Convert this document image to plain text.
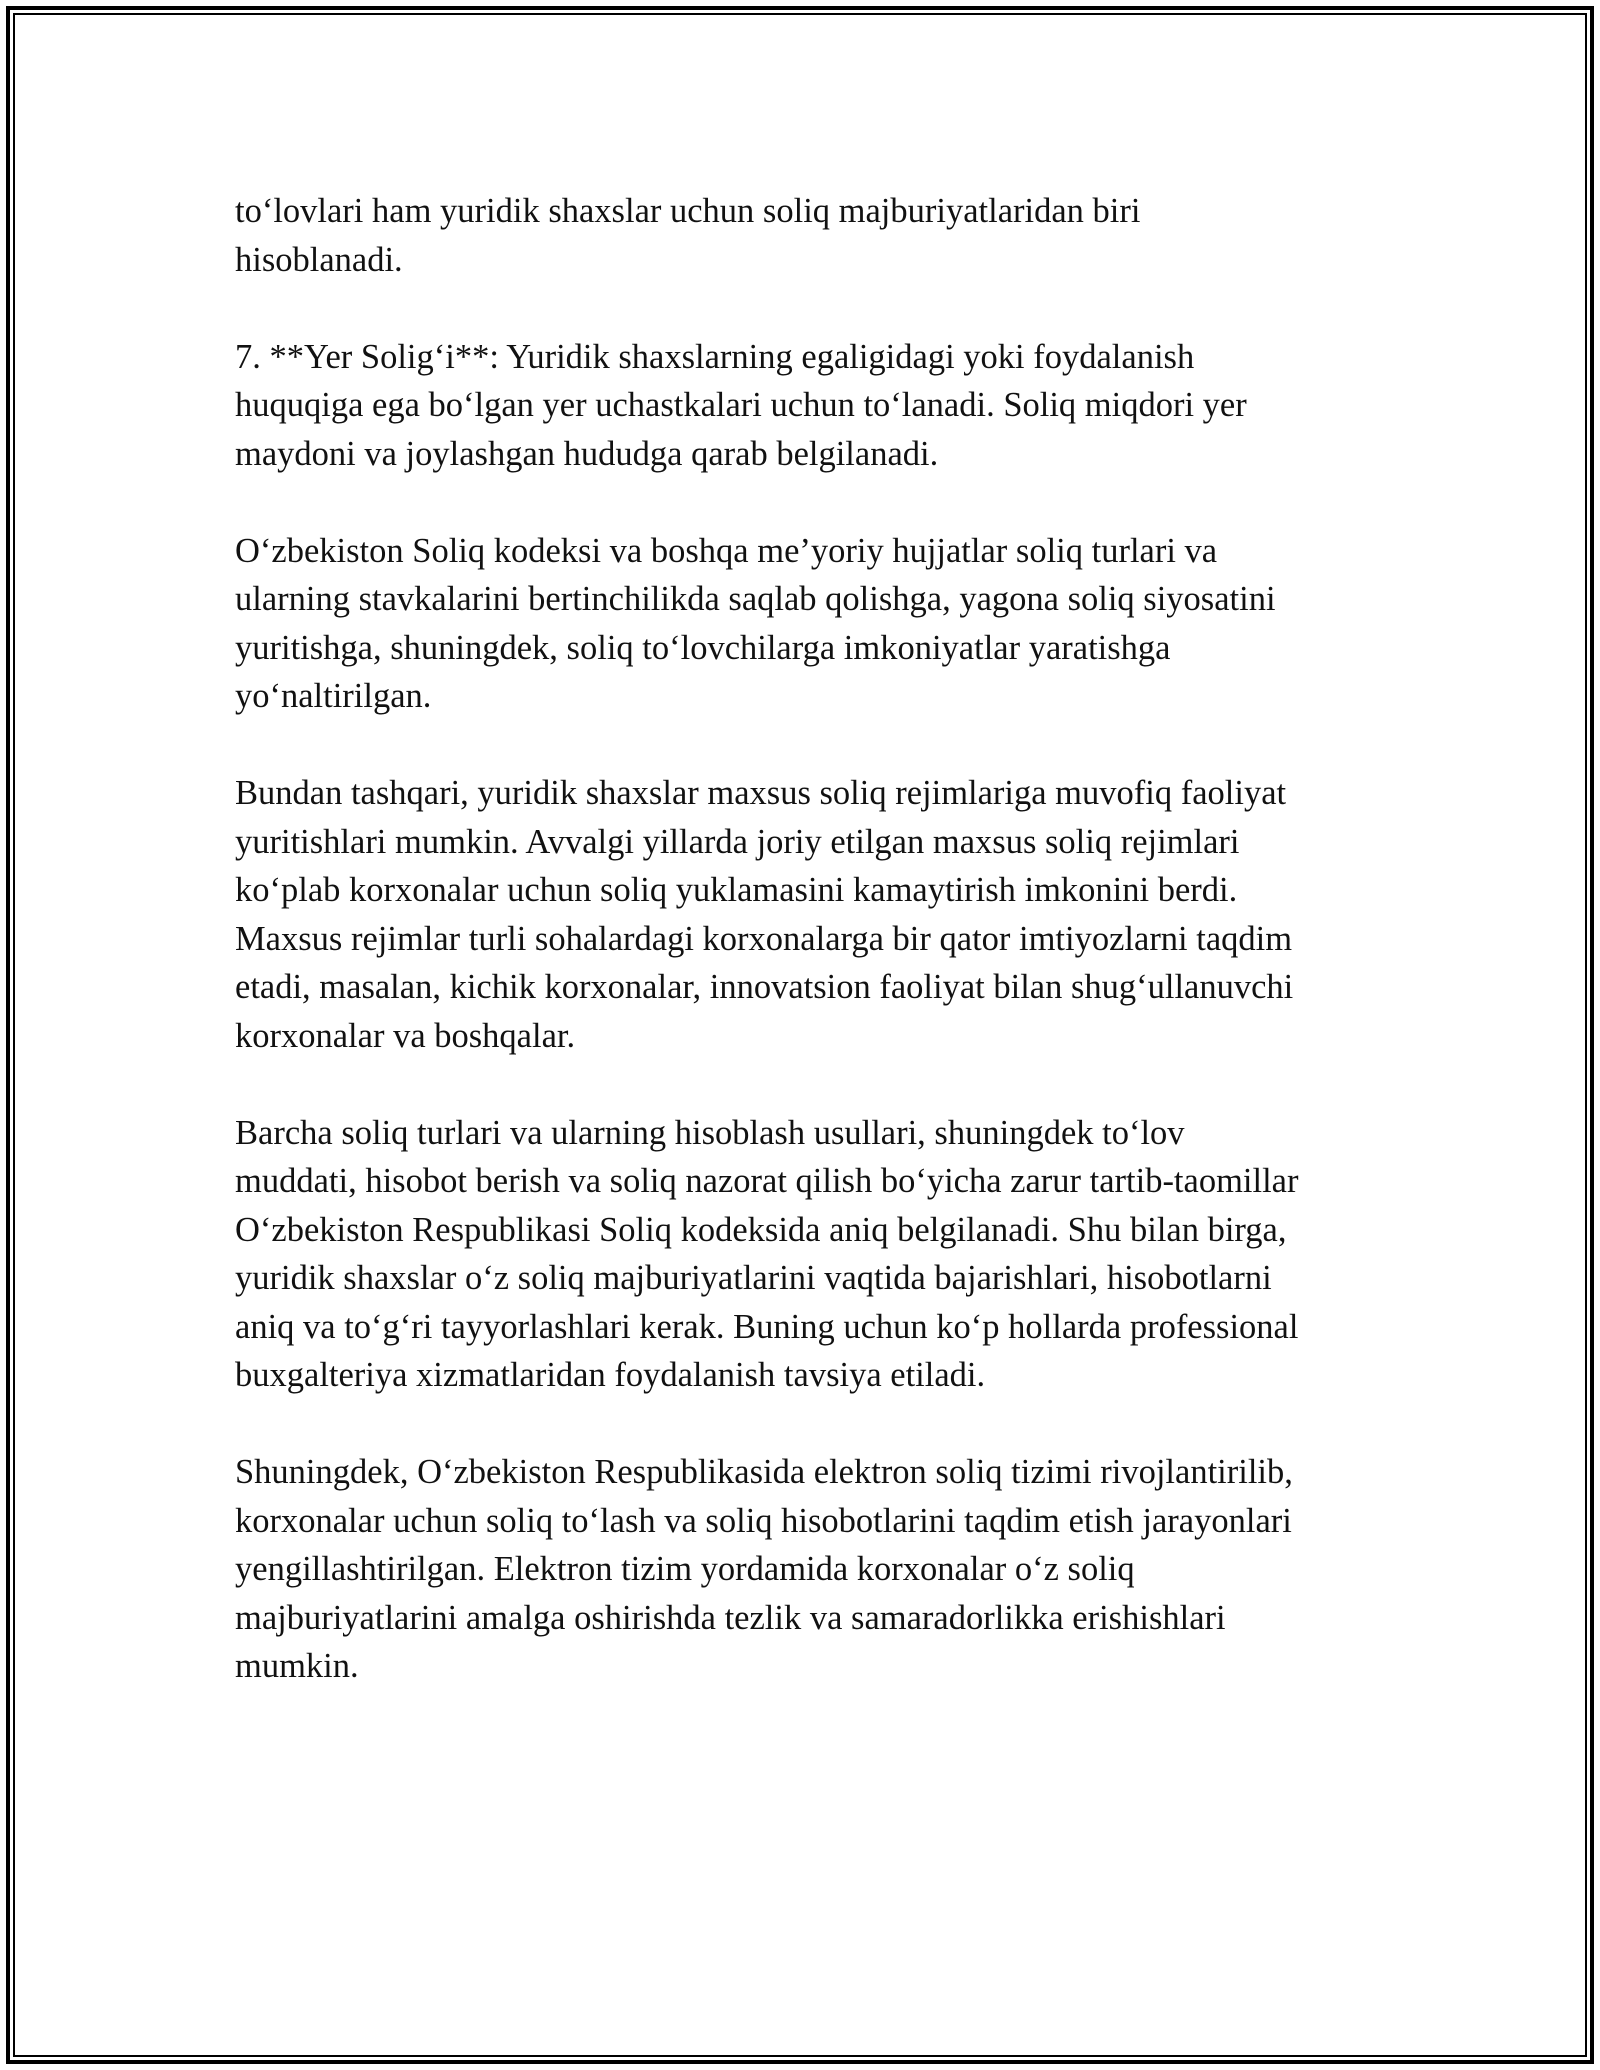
to‘lovlari ham yuridik shaxslar uchun soliq majburiyatlaridan biri
hisoblanadi.

7. **Yer Solig‘i**: Yuridik shaxslarning egaligidagi yoki foydalanish
huquqiga ega bo‘lgan yer uchastkalari uchun to‘lanadi. Soliq miqdori yer
maydoni va joylashgan hududga qarab belgilanadi.

O‘zbekiston Soliq kodeksi va boshqa me’yoriy hujjatlar soliq turlari va
ularning stavkalarini bertinchilikda saqlab qolishga, yagona soliq siyosatini
yuritishga, shuningdek, soliq to‘lovchilarga imkoniyatlar yaratishga
yo‘naltirilgan.

Bundan tashqari, yuridik shaxslar maxsus soliq rejimlariga muvofiq faoliyat
yuritishlari mumkin. Avvalgi yillarda joriy etilgan maxsus soliq rejimlari
ko‘plab korxonalar uchun soliq yuklamasini kamaytirish imkonini berdi.
Maxsus rejimlar turli sohalardagi korxonalarga bir qator imtiyozlarni taqdim
etadi, masalan, kichik korxonalar, innovatsion faoliyat bilan shug‘ullanuvchi
korxonalar va boshqalar.

Barcha soliq turlari va ularning hisoblash usullari, shuningdek to‘lov
muddati, hisobot berish va soliq nazorat qilish bo‘yicha zarur tartib-taomillar
O‘zbekiston Respublikasi Soliq kodeksida aniq belgilanadi. Shu bilan birga,
yuridik shaxslar o‘z soliq majburiyatlarini vaqtida bajarishlari, hisobotlarni
aniq va to‘g‘ri tayyorlashlari kerak. Buning uchun ko‘p hollarda professional
buxgalteriya xizmatlaridan foydalanish tavsiya etiladi.

Shuningdek, O‘zbekiston Respublikasida elektron soliq tizimi rivojlantirilib,
korxonalar uchun soliq to‘lash va soliq hisobotlarini taqdim etish jarayonlari
yengillashtirilgan. Elektron tizim yordamida korxonalar o‘z soliq
majburiyatlarini amalga oshirishda tezlik va samaradorlikka erishishlari
mumkin.
